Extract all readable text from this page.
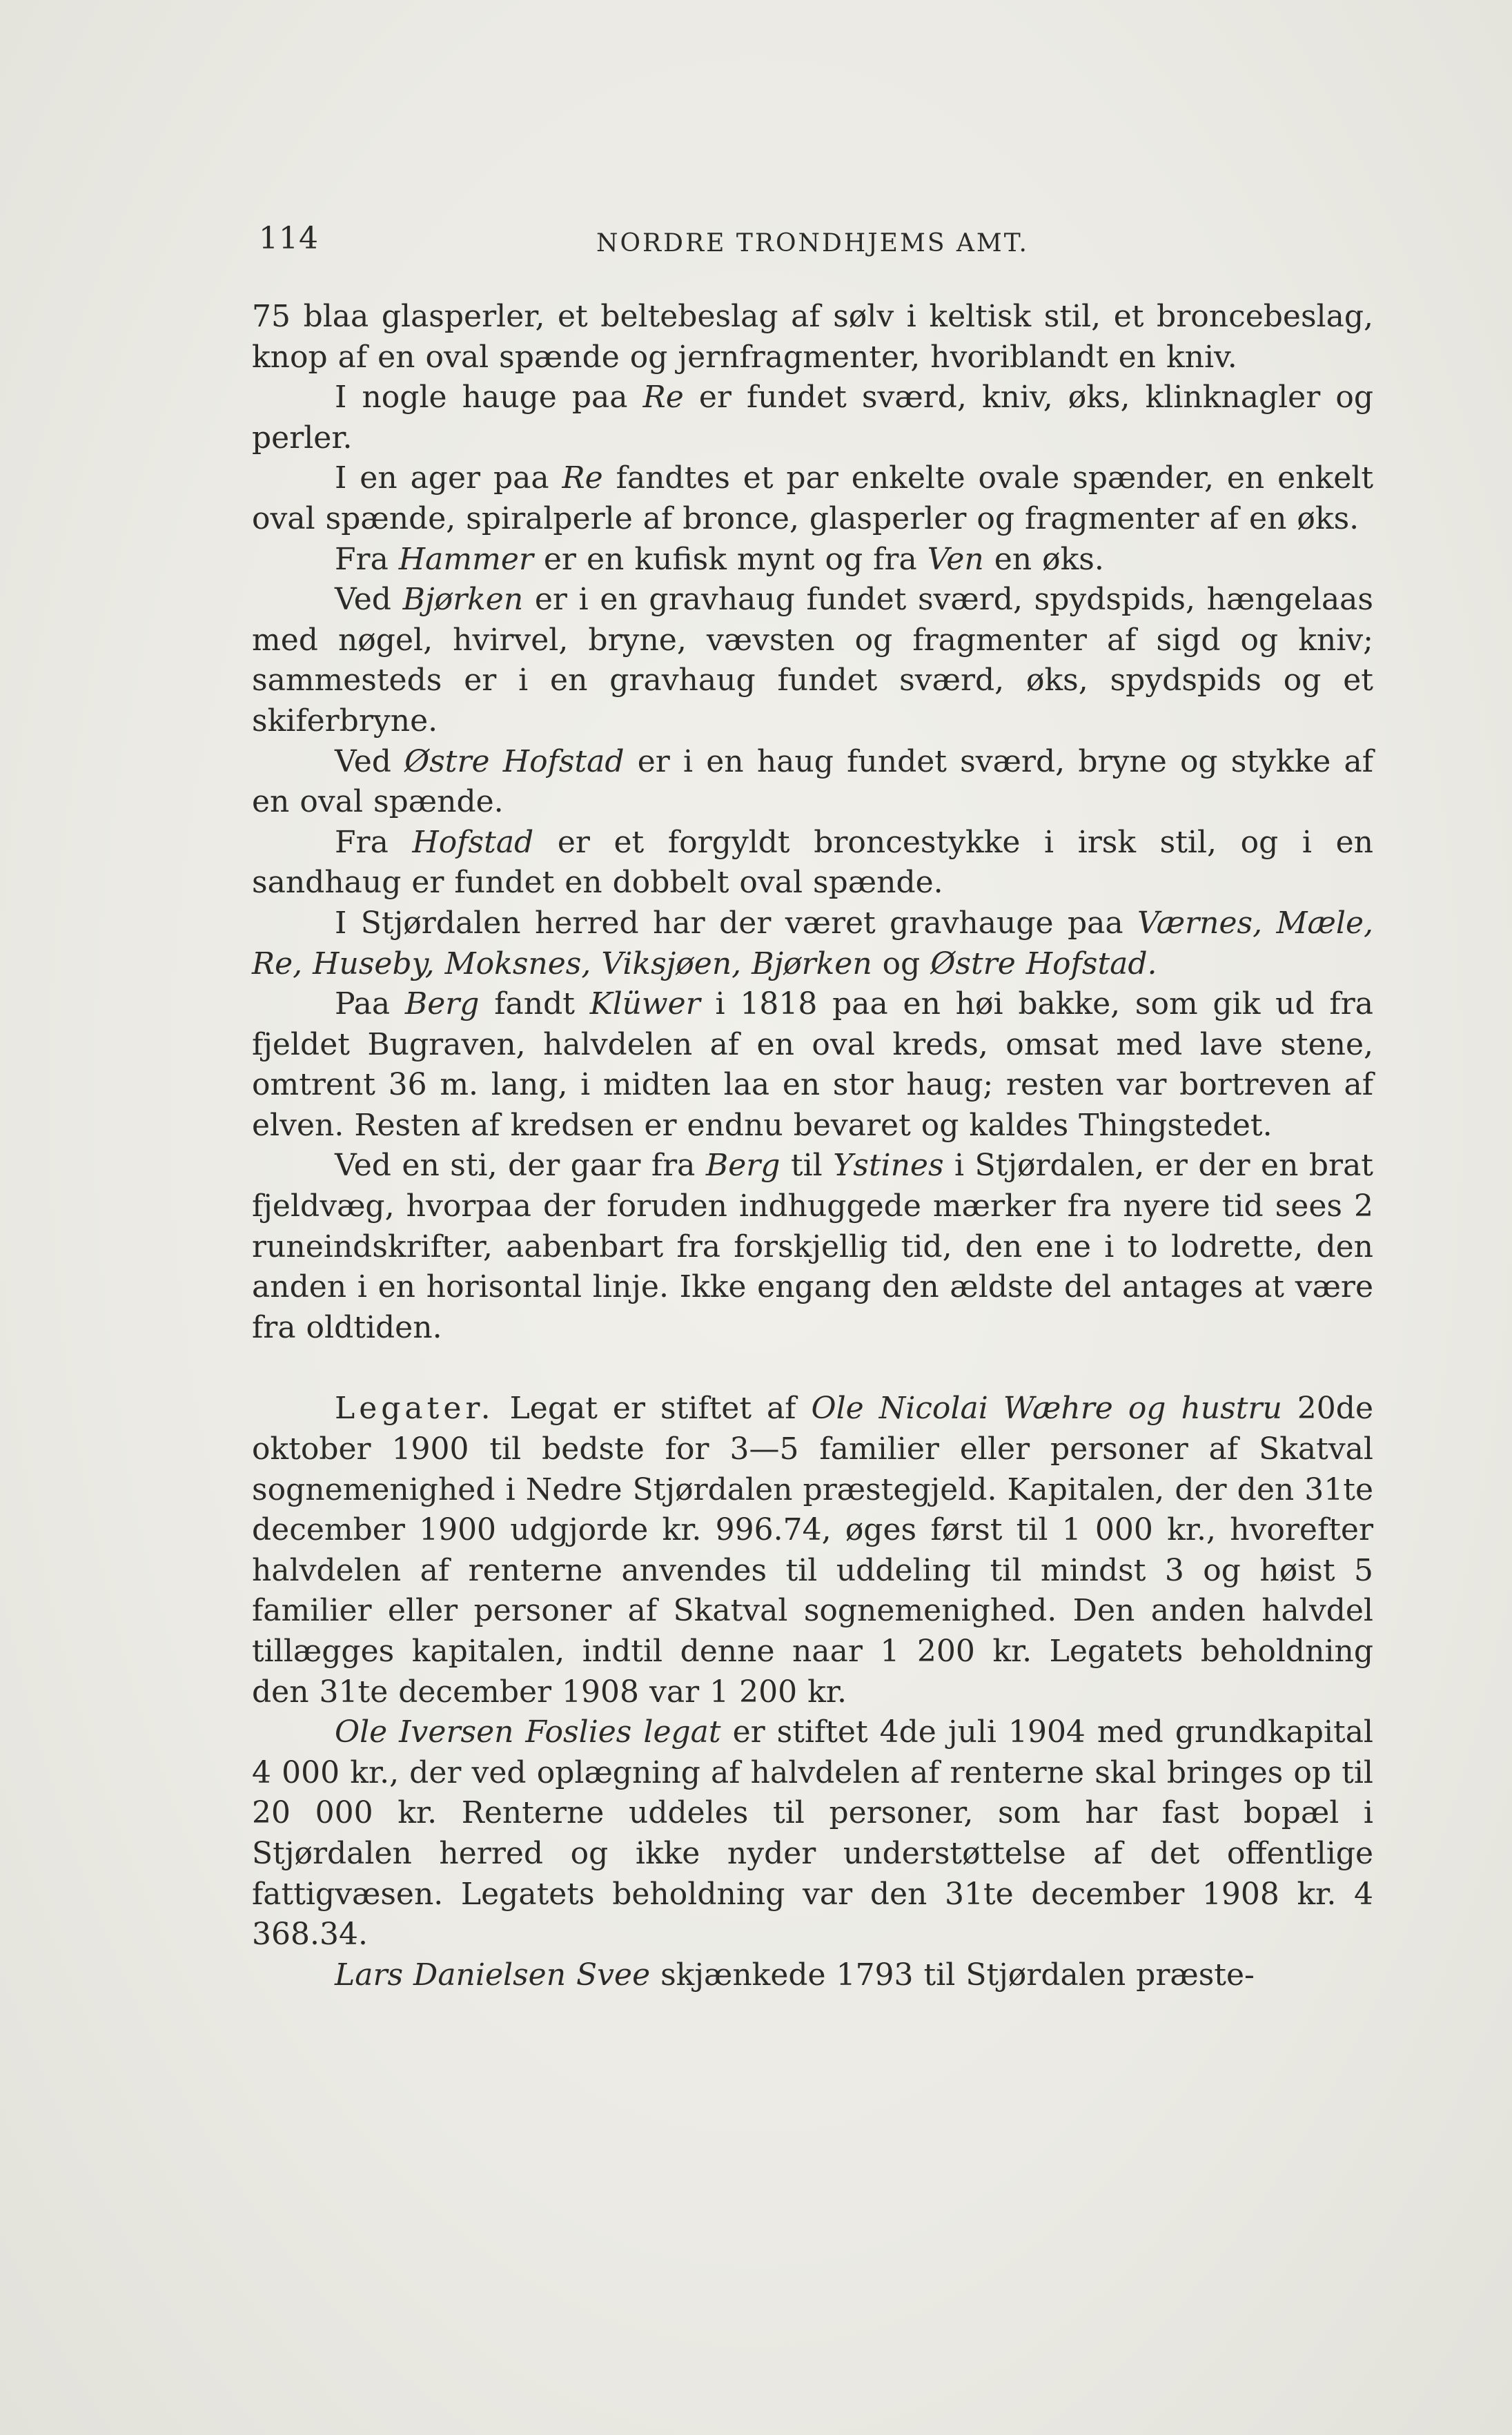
114	NORDRE TRONDHJEMS AMT.

75 blaa glasperler, et beltebeslag af sølv i keltisk stil, et broncebeslag, knop af en oval spænde og jernfragmenter, hvoriblandt en kniv.

I nogle hauge paa Re er fundet sværd, kniv, øks, klinknagler og perler.

I en ager paa Re fandtes et par enkelte ovale spænder, en enkelt oval spænde, spiralperle af bronce, glasperler og fragmenter af en øks.

Fra Hammer er en kufisk mynt og fra Ven en øks.

Ved Bjørken er i en gravhaug fundet sværd, spydspids, hængelaas med nøgel, hvirvel, bryne, vævsten og fragmenter af sigd og kniv; sammesteds er i en gravhaug fundet sværd, øks, spydspids og et skiferbryne.

Ved Østre Hofstad er i en haug fundet sværd, bryne og stykke af en oval spænde.

Fra Hofstad er et forgyldt broncestykke i irsk stil, og i en sandhaug er fundet en dobbelt oval spænde.

I Stjørdalen herred har der været gravhauge paa Værnes, Mæle, Re, Huseby, Moksnes, Viksjøen, Bjørken og Østre Hofstad.

Paa Berg fandt Klüwer i 1818 paa en høi bakke, som gik ud fra fjeldet Bugraven, halvdelen af en oval kreds, omsat med lave stene, omtrent 36 m. lang, i midten laa en stor haug; resten var bortreven af elven. Resten af kredsen er endnu bevaret og kaldes Thingstedet.

Ved en sti, der gaar fra Berg til Ystines i Stjørdalen, er der en brat fjeldvæg, hvorpaa der foruden indhuggede mærker fra nyere tid sees 2 runeindskrifter, aabenbart fra forskjellig tid, den ene i to lodrette, den anden i en horisontal linje. Ikke engang den ældste del antages at være fra oldtiden.

Legater. Legat er stiftet af Ole Nicolai Wæhre og hustru 20de oktober 1900 til bedste for 3—5 familier eller personer af Skatval sognemenighed i Nedre Stjørdalen præstegjeld. Kapitalen, der den 31te december 1900 udgjorde kr. 996.74, øges først til 1 000 kr., hvorefter halvdelen af renterne anvendes til uddeling til mindst 3 og høist 5 familier eller personer af Skatval sognemenighed. Den anden halvdel tillægges kapitalen, indtil denne naar 1 200 kr. Legatets beholdning den 31te december 1908 var 1 200 kr.

Ole Iversen Foslies legat er stiftet 4de juli 1904 med grundkapital 4 000 kr., der ved oplægning af halvdelen af renterne skal bringes op til 20 000 kr. Renterne uddeles til personer, som har fast bopæl i Stjørdalen herred og ikke nyder understøttelse af det offentlige fattigvæsen. Legatets beholdning var den 31te december 1908 kr. 4 368.34.

Lars Danielsen Svee skjænkede 1793 til Stjørdalen præste-
